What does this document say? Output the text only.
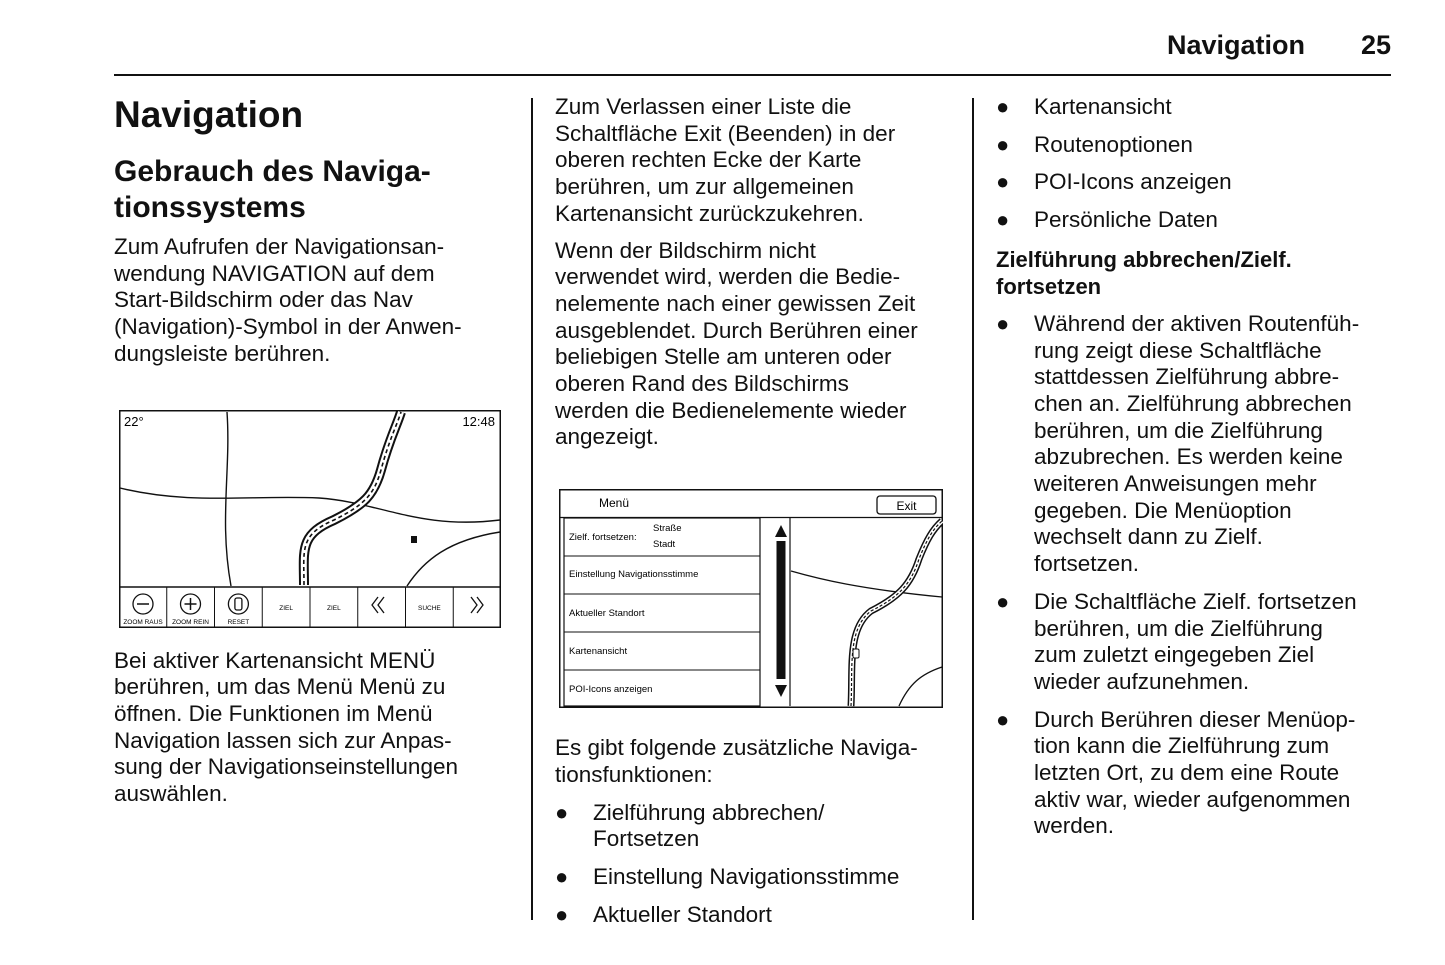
Navigation 25
Navigation
Gebrauch des Naviga-
tionssystems

Zum Aufrufen der Navigationsan-
wendung NAVIGATION auf dem
Start-Bildschirm oder das Nav
(Navigation)-Symbol in der Anwen-
dungsleiste berühren.

Bei aktiver Kartenansicht MENÜ
berühren, um das Menü Menü zu
öffnen. Die Funktionen im Menü
Navigation lassen sich zur Anpas-
sung der Navigationseinstellungen
auswählen.

22°	12:48
ZOOM RAUS ZOOM REIN	RESET
ZIEL	ZIEL	SUCHE

Zum Verlassen einer Liste die
Schaltfläche Exit (Beenden) in der
oberen rechten Ecke der Karte
berühren, um zur allgemeinen
Kartenansicht zurückzukehren.

Wenn der Bildschirm nicht
verwendet wird, werden die Bedie-
nelemente nach einer gewissen Zeit
ausgeblendet. Durch Berühren einer
beliebigen Stelle am unteren oder
oberen Rand des Bildschirms
werden die Bedienelemente wieder
angezeigt.

Es gibt folgende zusätzliche Naviga-
tionsfunktionen:

● Zielführung abbrechen/
Fortsetzen
● Einstellung Navigationsstimme
● Aktueller Standort
Menü	Exit
Zielf. fortsetzen:
Straße
Stadt
Einstellung Navigationsstimme
Aktueller Standort
Kartenansicht
POI-Icons anzeigen
● Kartenansicht
● Routenoptionen
● POI-Icons anzeigen
● Persönliche Daten
Zielführung abbrechen/Zielf.
fortsetzen
● Während der aktiven Routenfüh-
rung zeigt diese Schaltfläche
stattdessen Zielführung abbre-
chen an. Zielführung abbrechen
berühren, um die Zielführung
abzubrechen. Es werden keine
weiteren Anweisungen mehr
gegeben. Die Menüoption
wechselt dann zu Zielf.
fortsetzen.
● Die Schaltfläche Zielf. fortsetzen
berühren, um die Zielführung
zum zuletzt eingegeben Ziel
wieder aufzunehmen.
● Durch Berühren dieser Menüop-
tion kann die Zielführung zum
letzten Ort, zu dem eine Route
aktiv war, wieder aufgenommen
werden.
